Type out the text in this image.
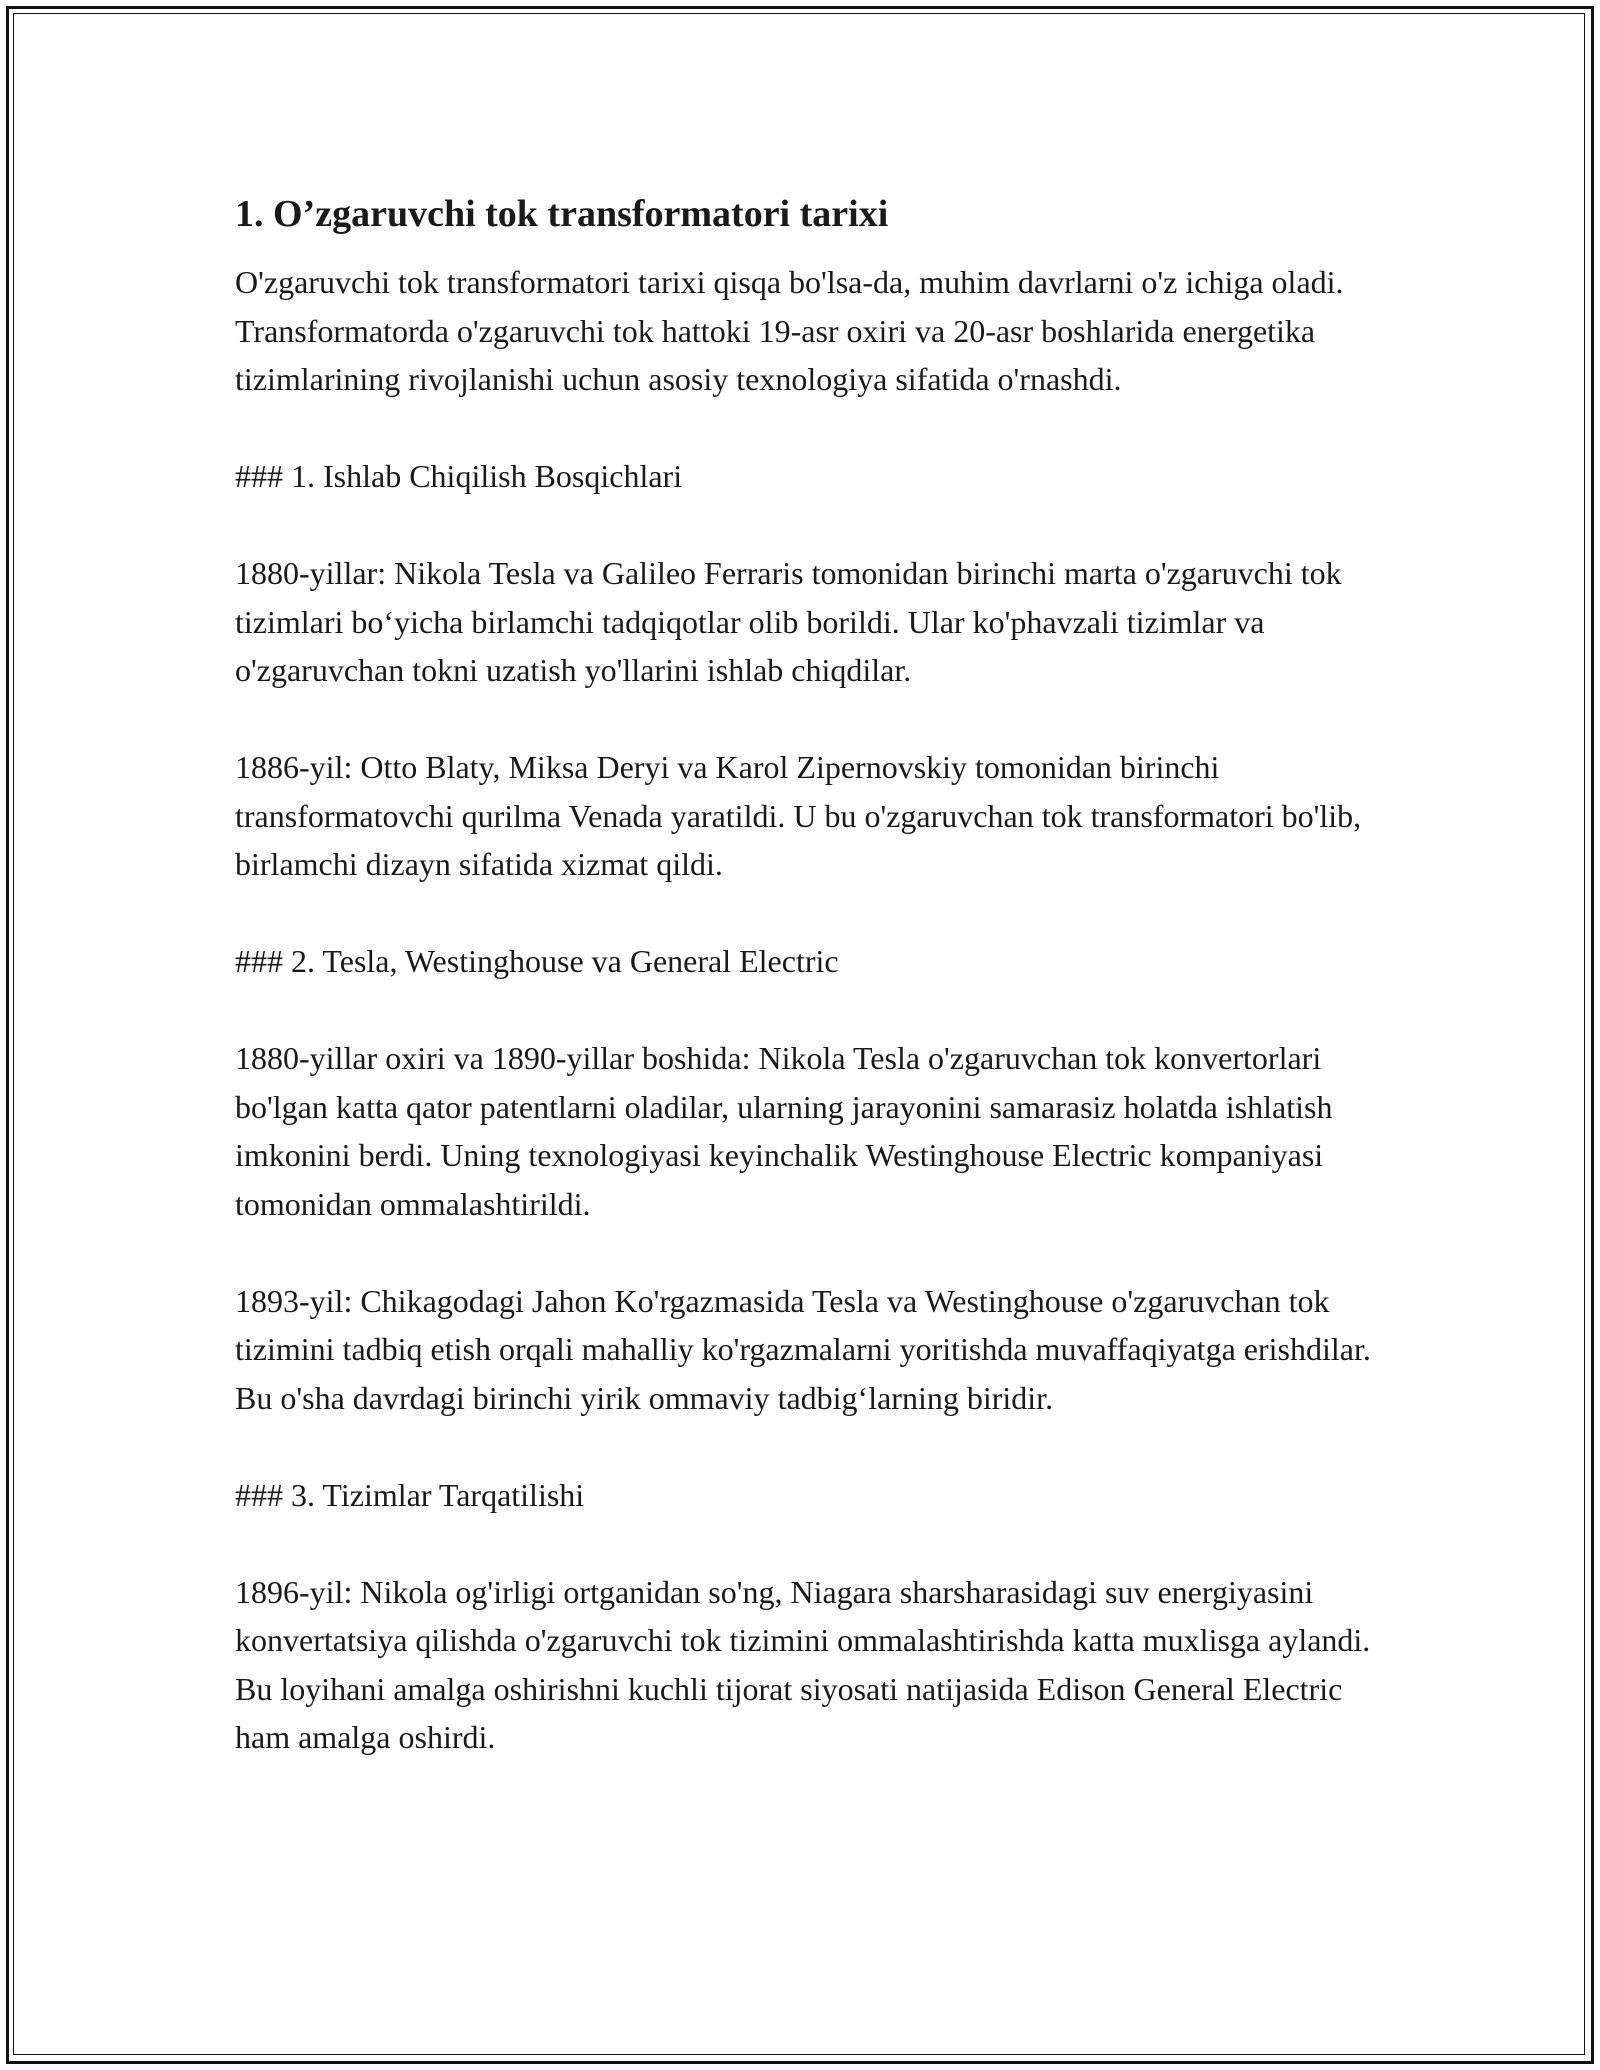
1. O’zgaruvchi tok transformatori tarixi
O'zgaruvchi tok transformatori tarixi qisqa bo'lsa-da, muhim davrlarni o'z ichiga oladi. Transformatorda o'zgaruvchi tok hattoki 19-asr oxiri va 20-asr boshlarida energetika tizimlarining rivojlanishi uchun asosiy texnologiya sifatida o'rnashdi.
### 1. Ishlab Chiqilish Bosqichlari
1880-yillar: Nikola Tesla va Galileo Ferraris tomonidan birinchi marta o'zgaruvchi tok tizimlari bo‘yicha birlamchi tadqiqotlar olib borildi. Ular ko'phavzali tizimlar va o'zgaruvchan tokni uzatish yo'llarini ishlab chiqdilar.
1886-yil: Otto Blaty, Miksa Deryi va Karol Zipernovskiy tomonidan birinchi transformatovchi qurilma Venada yaratildi. U bu o'zgaruvchan tok transformatori bo'lib, birlamchi dizayn sifatida xizmat qildi.
### 2. Tesla, Westinghouse va General Electric
1880-yillar oxiri va 1890-yillar boshida: Nikola Tesla o'zgaruvchan tok konvertorlari bo'lgan katta qator patentlarni oladilar, ularning jarayonini samarasiz holatda ishlatish imkonini berdi. Uning texnologiyasi keyinchalik Westinghouse Electric kompaniyasi tomonidan ommalashtirildi.
1893-yil: Chikagodagi Jahon Ko'rgazmasida Tesla va Westinghouse o'zgaruvchan tok tizimini tadbiq etish orqali mahalliy ko'rgazmalarni yoritishda muvaffaqiyatga erishdilar. Bu o'sha davrdagi birinchi yirik ommaviy tadbig‘larning biridir.
### 3. Tizimlar Tarqatilishi
1896-yil: Nikola og'irligi ortganidan so'ng, Niagara sharsharasidagi suv energiyasini konvertatsiya qilishda o'zgaruvchi tok tizimini ommalashtirishda katta muxlisga aylandi. Bu loyihani amalga oshirishni kuchli tijorat siyosati natijasida Edison General Electric ham amalga oshirdi.
